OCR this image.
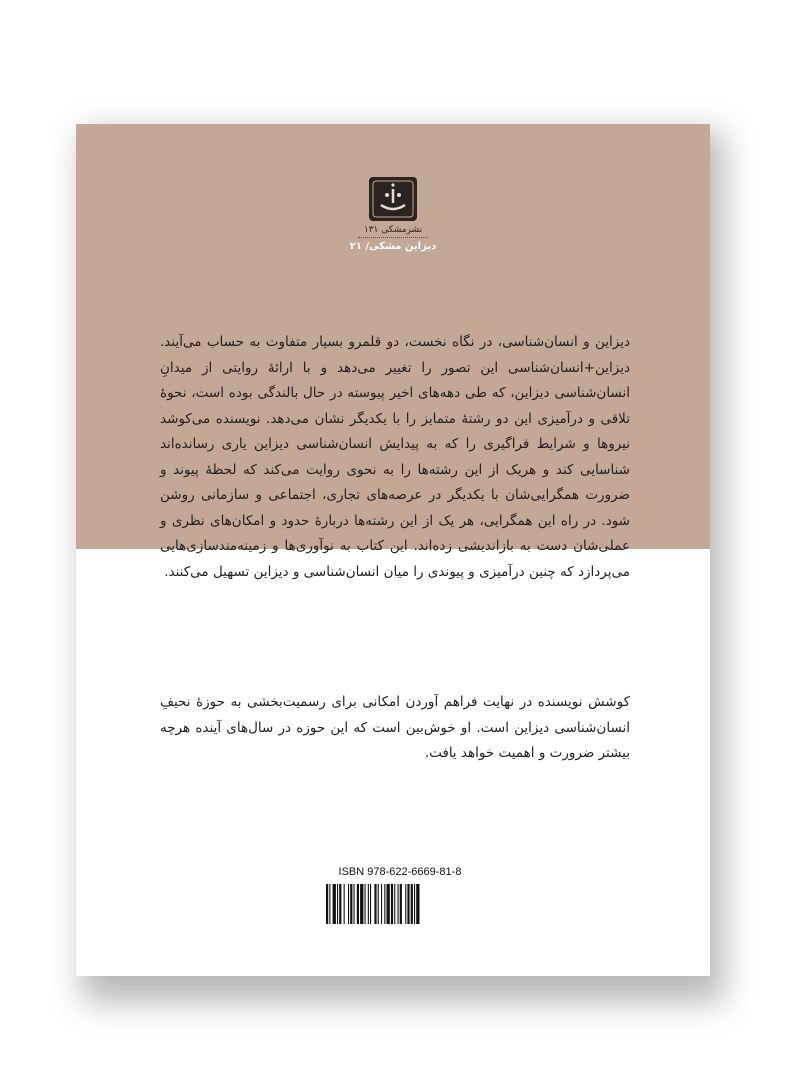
نشرمشکی ۱۳۱
دیزاین مشکی/ ۲۱

دیزاین و انسان‌شناسی، در نگاه نخست، دو قلمرو بسیار متفاوت به حساب می‌آیند. دیزاین+انسان‌شناسی این تصور را تغییر می‌دهد و با ارائهٔ روایتی از میدانِ انسان‌شناسی دیزاین، که طی دهه‌های اخیر پیوسته در حال بالندگی بوده است، نحوهٔ تلاقی و درآمیزی این دو رشتهٔ متمایز را با یکدیگر نشان می‌دهد. نویسنده می‌کوشد نیروها و شرایط فراگیری را که به پیدایش انسان‌شناسی دیزاین یاری رسانده‌اند شناسایی کند و هریک از این رشته‌ها را به نحوی روایت می‌کند که لحظهٔ پیوند و ضرورت همگرایی‌شان با یکدیگر در عرصه‌های تجاری، اجتماعی و سازمانی روشن شود. در راه این همگرایی، هر یک از این رشته‌ها دربارهٔ حدود و امکان‌های نظری و عملی‌شان دست به بازاندیشی زده‌اند. این کتاب به نوآوری‌ها و زمینه‌مندسازی‌هایی می‌پردازد که چنین درآمیزی و پیوندی را میان انسان‌شناسی و دیزاین تسهیل می‌کنند.

کوشش نویسنده در نهایت فراهم آوردن امکانی برای رسمیت‌بخشی به حوزهٔ نحیفِ انسان‌شناسی دیزاین است. او خوش‌بین است که این حوزه در سال‌های آینده هرچه بیشتر ضرورت و اهمیت خواهد یافت.

ISBN 978-622-6669-81-8
